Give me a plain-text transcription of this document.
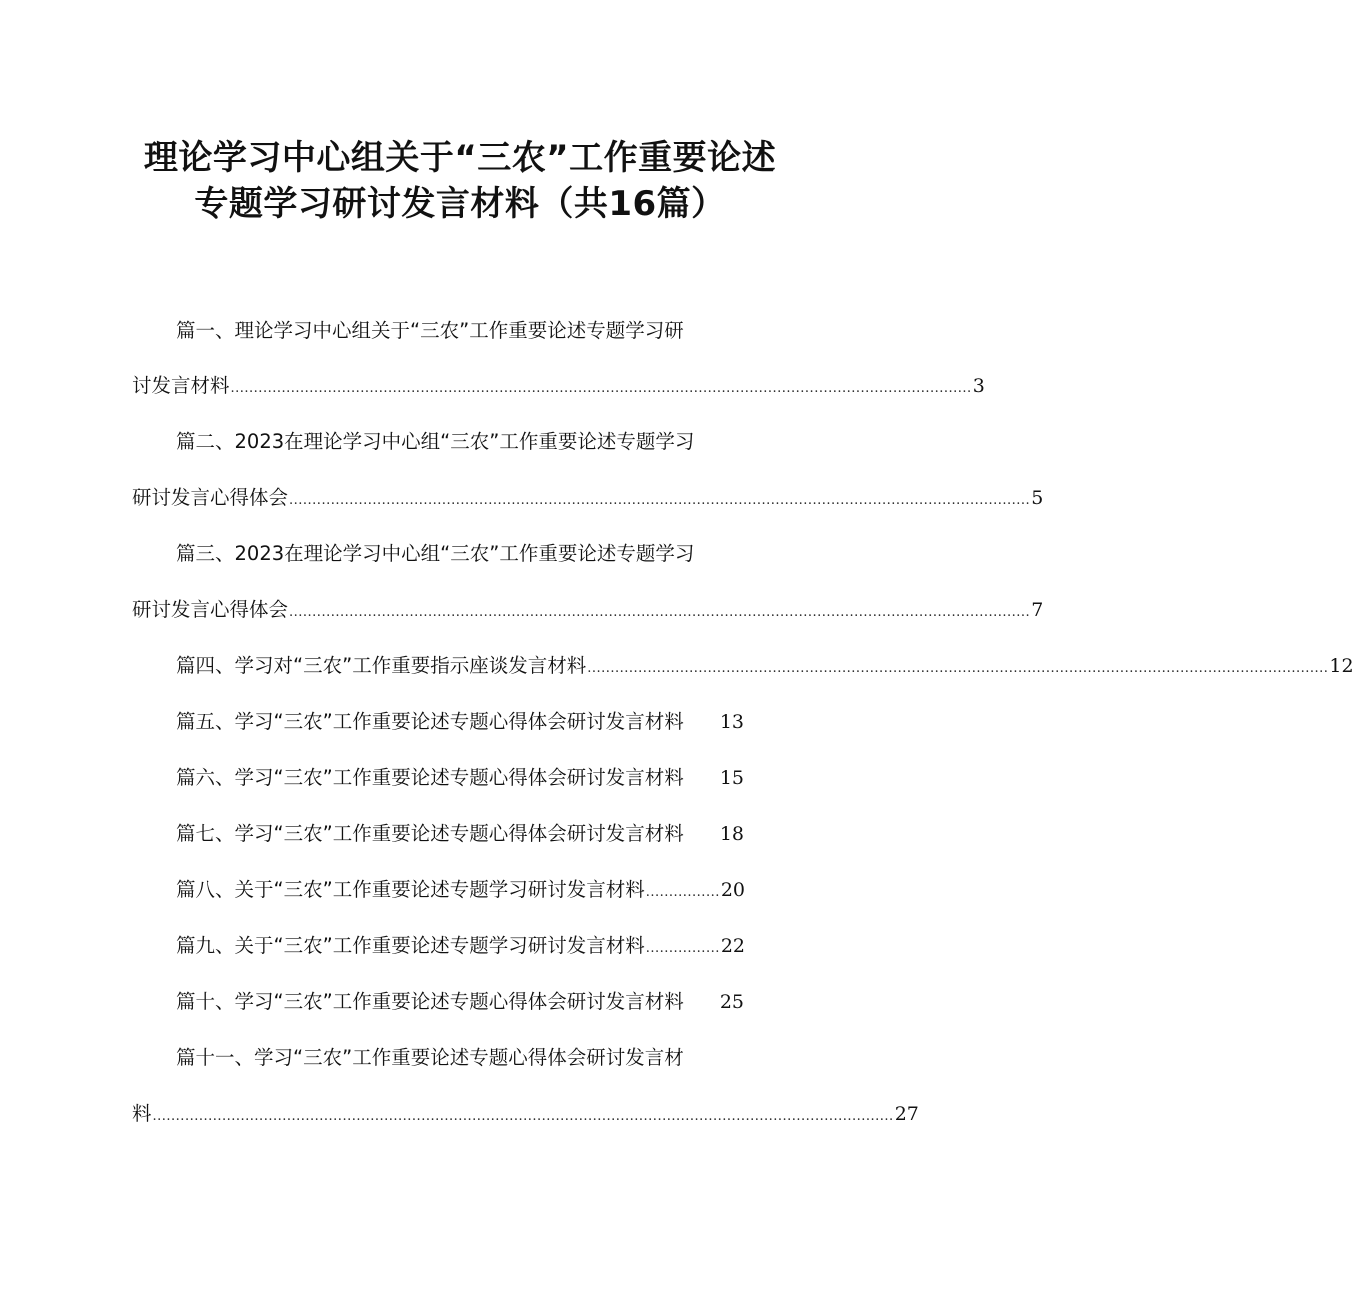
理论学习中心组关于“三农”工作重要论述
专题学习研讨发言材料（共16篇）
篇一、理论学习中心组关于“三农”工作重要论述专题学习研
讨发言材料 ................................................................................................................................................................ 3
篇二、2023在理论学习中心组“三农”工作重要论述专题学习
研讨发言心得体会 ................................................................................................................................................................ 5
篇三、2023在理论学习中心组“三农”工作重要论述专题学习
研讨发言心得体会 ................................................................................................................................................................ 7
篇四、学习对“三农”工作重要指示座谈发言材料 ................................................................................................................................................................ 12
篇五、学习“三农”工作重要论述专题心得体会研讨发言材料 13
篇六、学习“三农”工作重要论述专题心得体会研讨发言材料 15
篇七、学习“三农”工作重要论述专题心得体会研讨发言材料 18
篇八、关于“三农”工作重要论述专题学习研讨发言材料 ................ 20
篇九、关于“三农”工作重要论述专题学习研讨发言材料 ................ 22
篇十、学习“三农”工作重要论述专题心得体会研讨发言材料 25
篇十一、学习“三农”工作重要论述专题心得体会研讨发言材
料 ................................................................................................................................................................ 27
